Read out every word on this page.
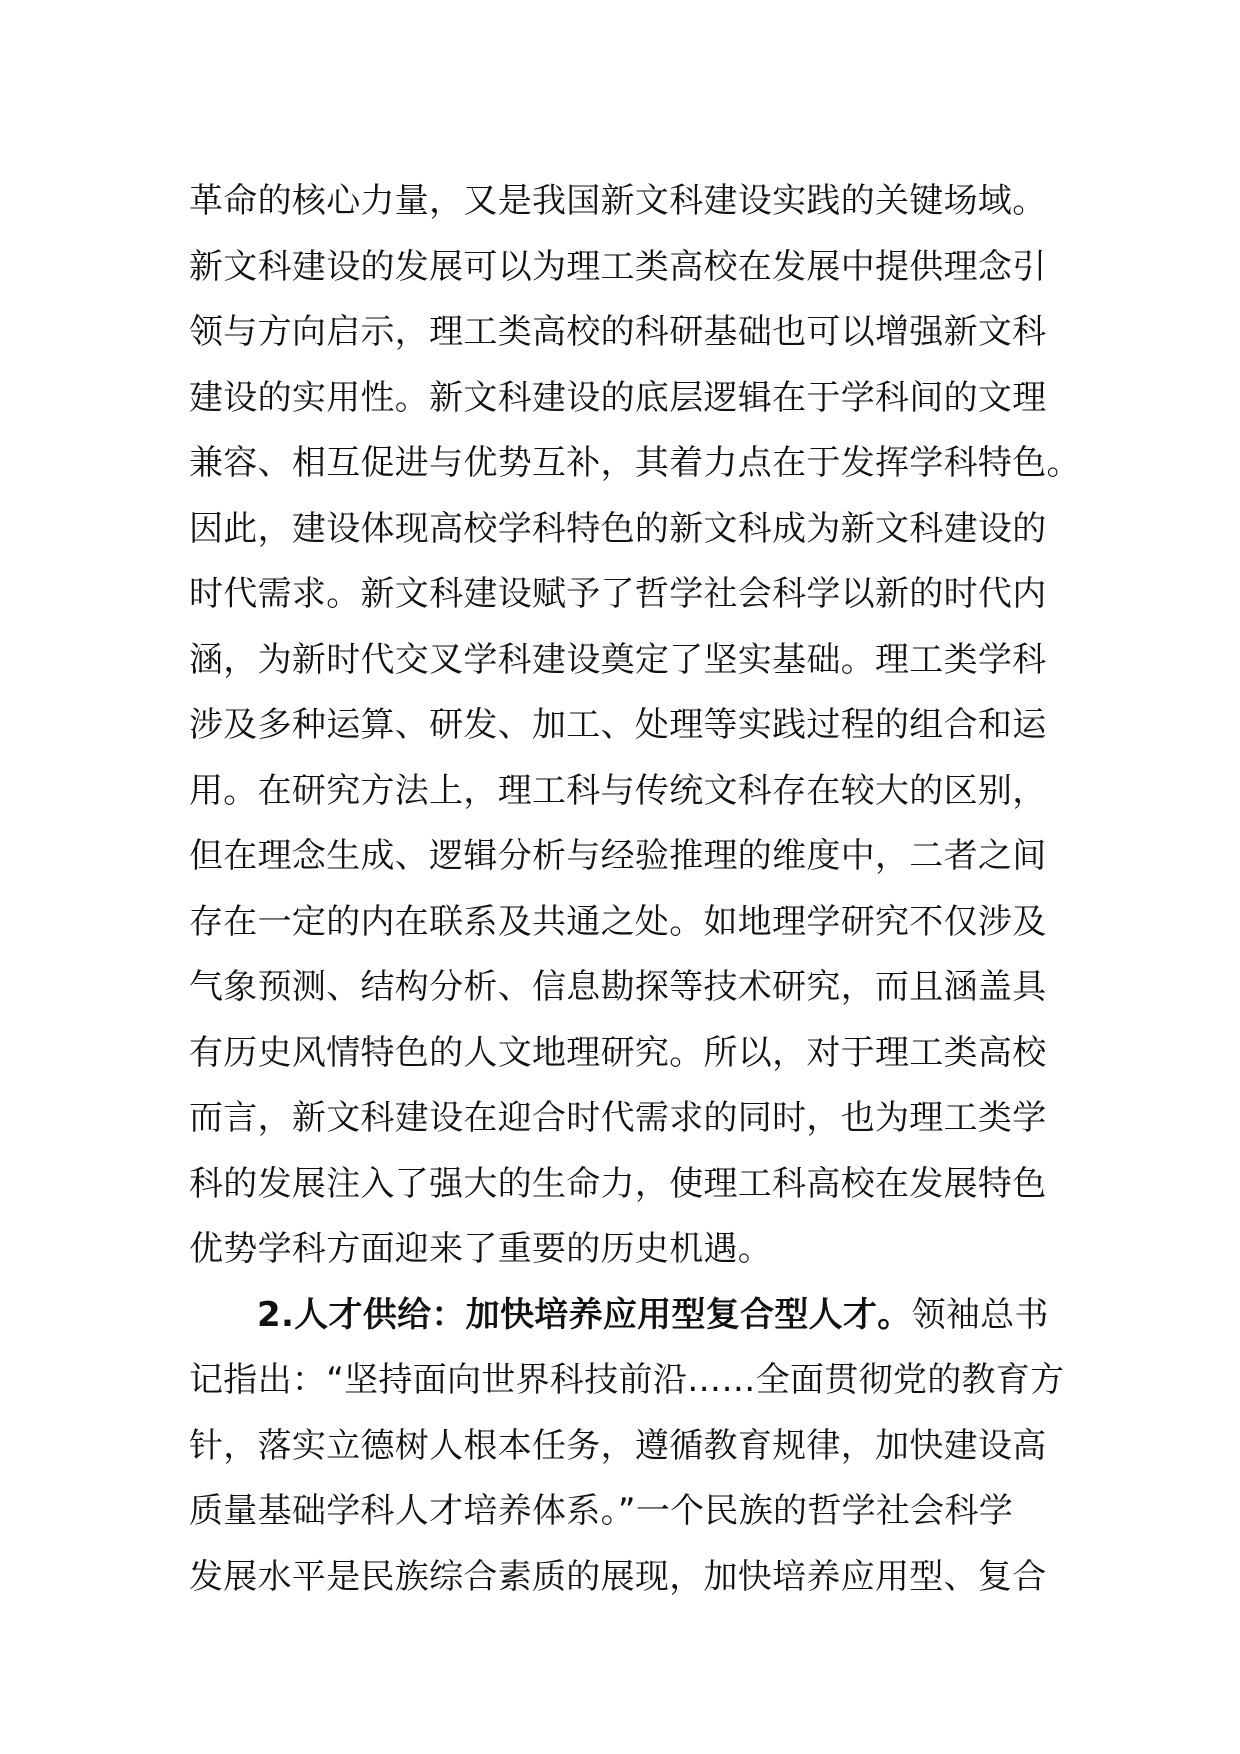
革命的核心力量，又是我国新文科建设实践的关键场域。
新文科建设的发展可以为理工类高校在发展中提供理念引
领与方向启示，理工类高校的科研基础也可以增强新文科
建设的实用性。新文科建设的底层逻辑在于学科间的文理
兼容、相互促进与优势互补，其着力点在于发挥学科特色。
因此，建设体现高校学科特色的新文科成为新文科建设的
时代需求。新文科建设赋予了哲学社会科学以新的时代内
涵，为新时代交叉学科建设奠定了坚实基础。理工类学科
涉及多种运算、研发、加工、处理等实践过程的组合和运
用。在研究方法上，理工科与传统文科存在较大的区别，
但在理念生成、逻辑分析与经验推理的维度中，二者之间
存在一定的内在联系及共通之处。如地理学研究不仅涉及
气象预测、结构分析、信息勘探等技术研究，而且涵盖具
有历史风情特色的人文地理研究。所以，对于理工类高校
而言，新文科建设在迎合时代需求的同时，也为理工类学
科的发展注入了强大的生命力，使理工科高校在发展特色
优势学科方面迎来了重要的历史机遇。
2.人才供给：加快培养应用型复合型人才。领袖总书
记指出：“坚持面向世界科技前沿……全面贯彻党的教育方
针，落实立德树人根本任务，遵循教育规律，加快建设高
质量基础学科人才培养体系。”一个民族的哲学社会科学
发展水平是民族综合素质的展现，加快培养应用型、复合
